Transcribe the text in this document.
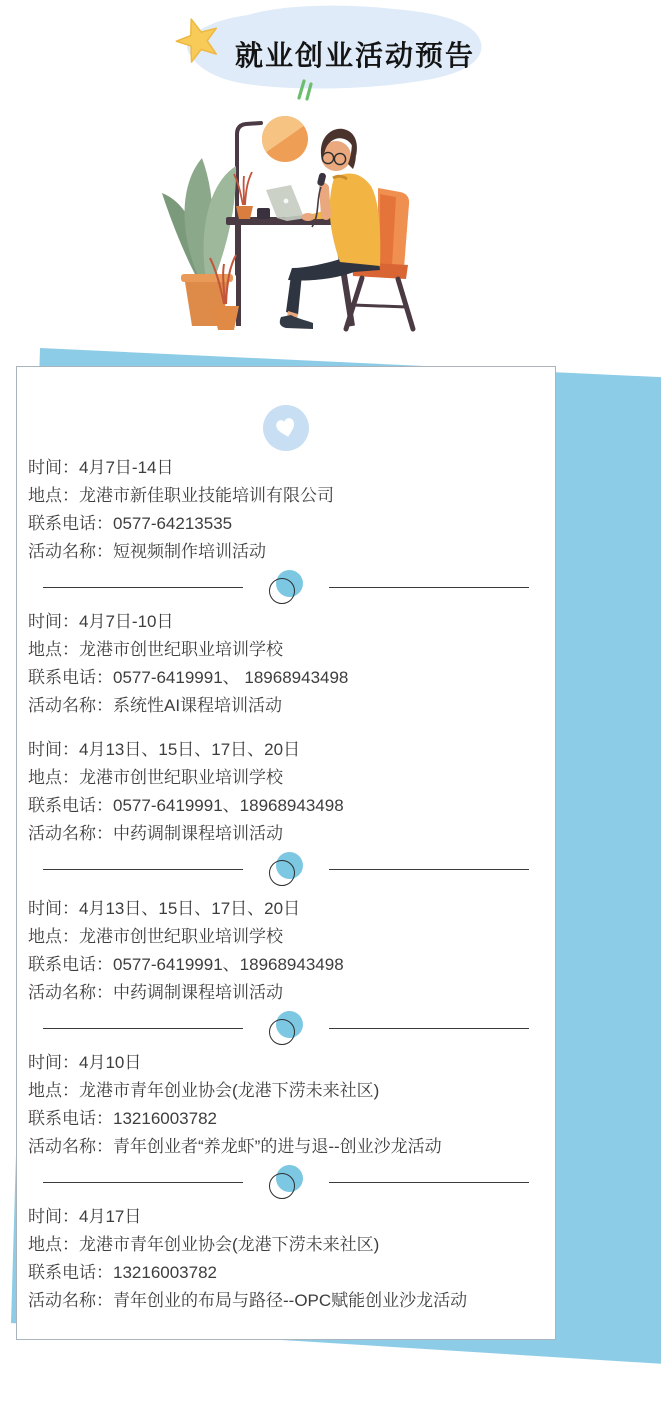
就业创业活动预告
时间：4月7日-14日
地点：龙港市新佳职业技能培训有限公司
联系电话：0577-64213535
活动名称：短视频制作培训活动
时间：4月7日-10日
地点：龙港市创世纪职业培训学校
联系电话：0577-6419991、 18968943498
活动名称：系统性AI课程培训活动
时间：4月13日、15日、17日、20日
地点：龙港市创世纪职业培训学校
联系电话：0577-6419991、18968943498
活动名称：中药调制课程培训活动
时间：4月13日、15日、17日、20日
地点：龙港市创世纪职业培训学校
联系电话：0577-6419991、18968943498
活动名称：中药调制课程培训活动
时间：4月10日
地点：龙港市青年创业协会(龙港下涝未来社区)
联系电话：13216003782
活动名称：青年创业者“养龙虾”的进与退--创业沙龙活动
时间：4月17日
地点：龙港市青年创业协会(龙港下涝未来社区)
联系电话：13216003782
活动名称：青年创业的布局与路径--OPC赋能创业沙龙活动
